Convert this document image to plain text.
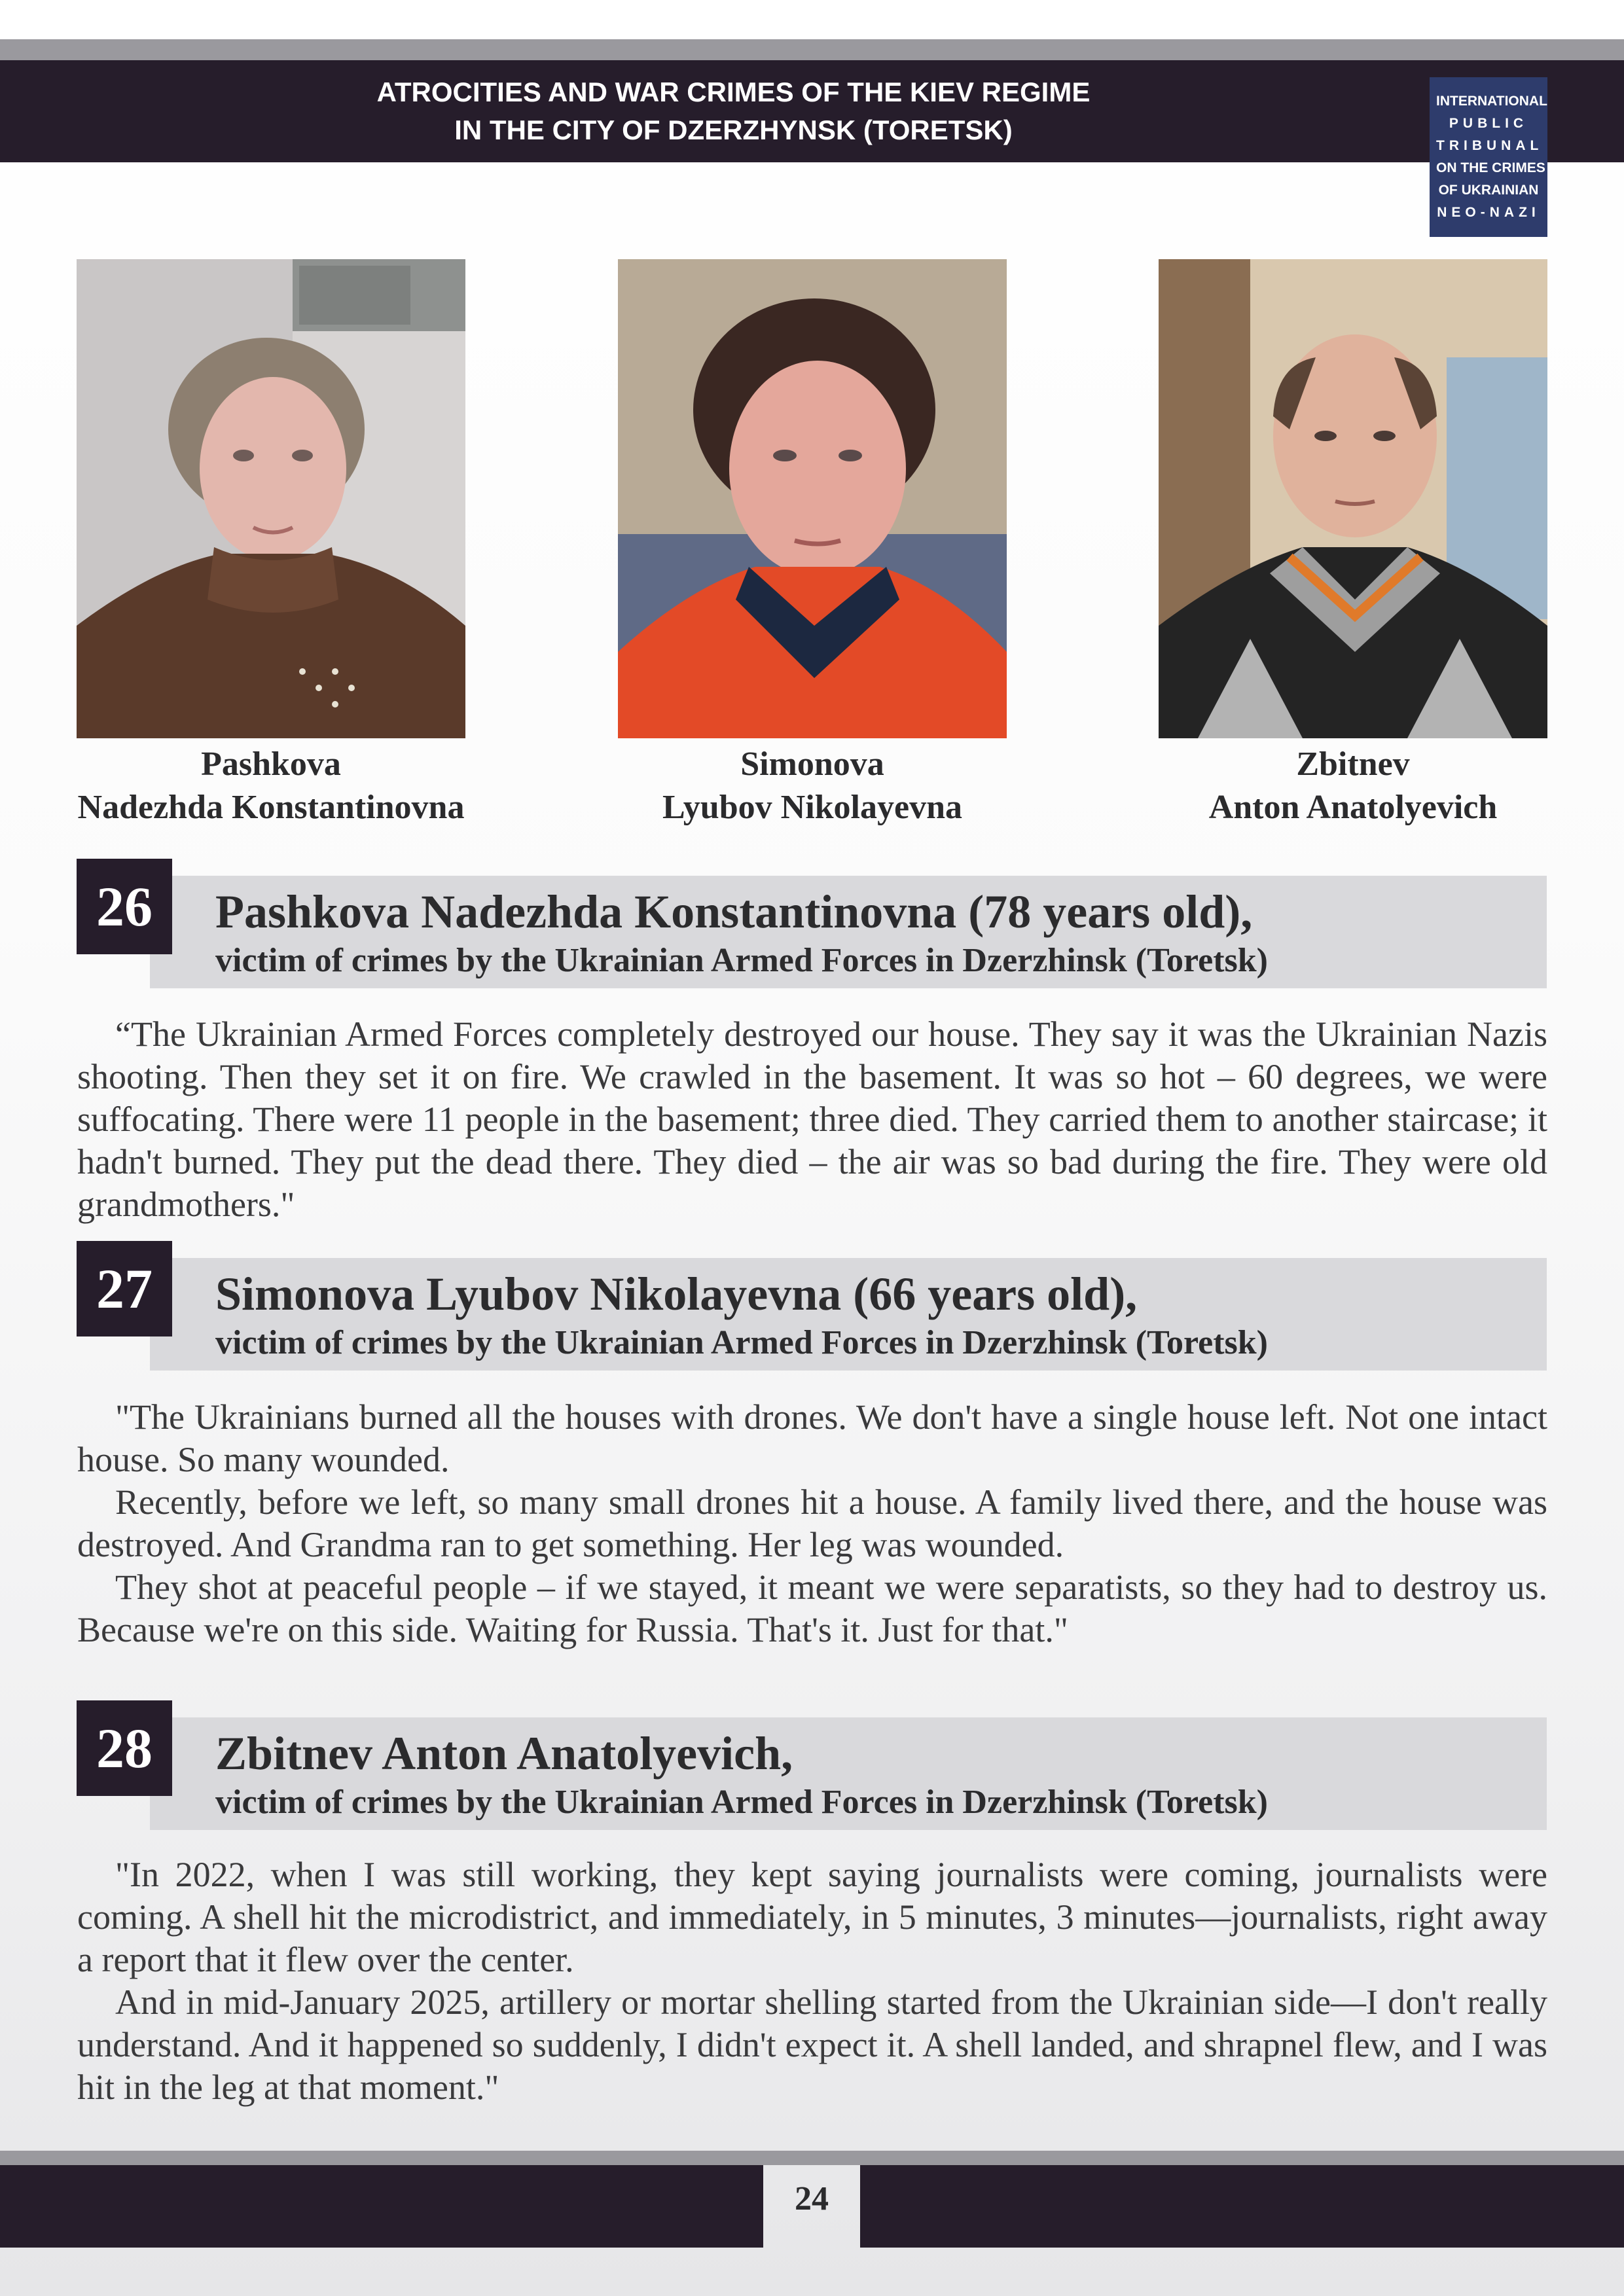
ATROCITIES AND WAR CRIMES OF THE KIEV REGIME
IN THE CITY OF DZERZHYNSK (TORETSK)
INTERNATIONAL
PUBLIC
TRIBUNAL
ON THE CRIMES
OF UKRAINIAN
NEO-NAZI
Pashkova
Nadezhda Konstantinovna
Simonova
Lyubov Nikolayevna
Zbitnev
Anton Anatolyevich
Pashkova Nadezhda Konstantinovna (78 years old),
victim of crimes by the Ukrainian Armed Forces in Dzerzhinsk (Toretsk)
26

“The Ukrainian Armed Forces completely destroyed our house. They say it was the Ukrainian Nazis shooting. Then they set it on fire. We crawled in the basement. It was so hot – 60 degrees, we were suffocating. There were 11 people in the basement; three died. They carried them to another staircase; it hadn't burned. They put the dead there. They died – the air was so bad during the fire. They were old grandmothers."

Simonova Lyubov Nikolayevna (66 years old),
victim of crimes by the Ukrainian Armed Forces in Dzerzhinsk (Toretsk)
27

"The Ukrainians burned all the houses with drones. We don't have a single house left. Not one intact house. So many wounded.

Recently, before we left, so many small drones hit a house. A family lived there, and the house was destroyed. And Grandma ran to get something. Her leg was wounded.

They shot at peaceful people – if we stayed, it meant we were separatists, so they had to destroy us. Because we're on this side. Waiting for Russia. That's it. Just for that."

Zbitnev Anton Anatolyevich,
victim of crimes by the Ukrainian Armed Forces in Dzerzhinsk (Toretsk)
28

"In 2022, when I was still working, they kept saying journalists were coming, journalists were coming. A shell hit the microdistrict, and immediately, in 5 minutes, 3 minutes—journalists, right away a report that it flew over the center.

And in mid-January 2025, artillery or mortar shelling started from the Ukrainian side—I don't really understand. And it happened so suddenly, I didn't expect it. A shell landed, and shrapnel flew, and I was hit in the leg at that moment."

24
